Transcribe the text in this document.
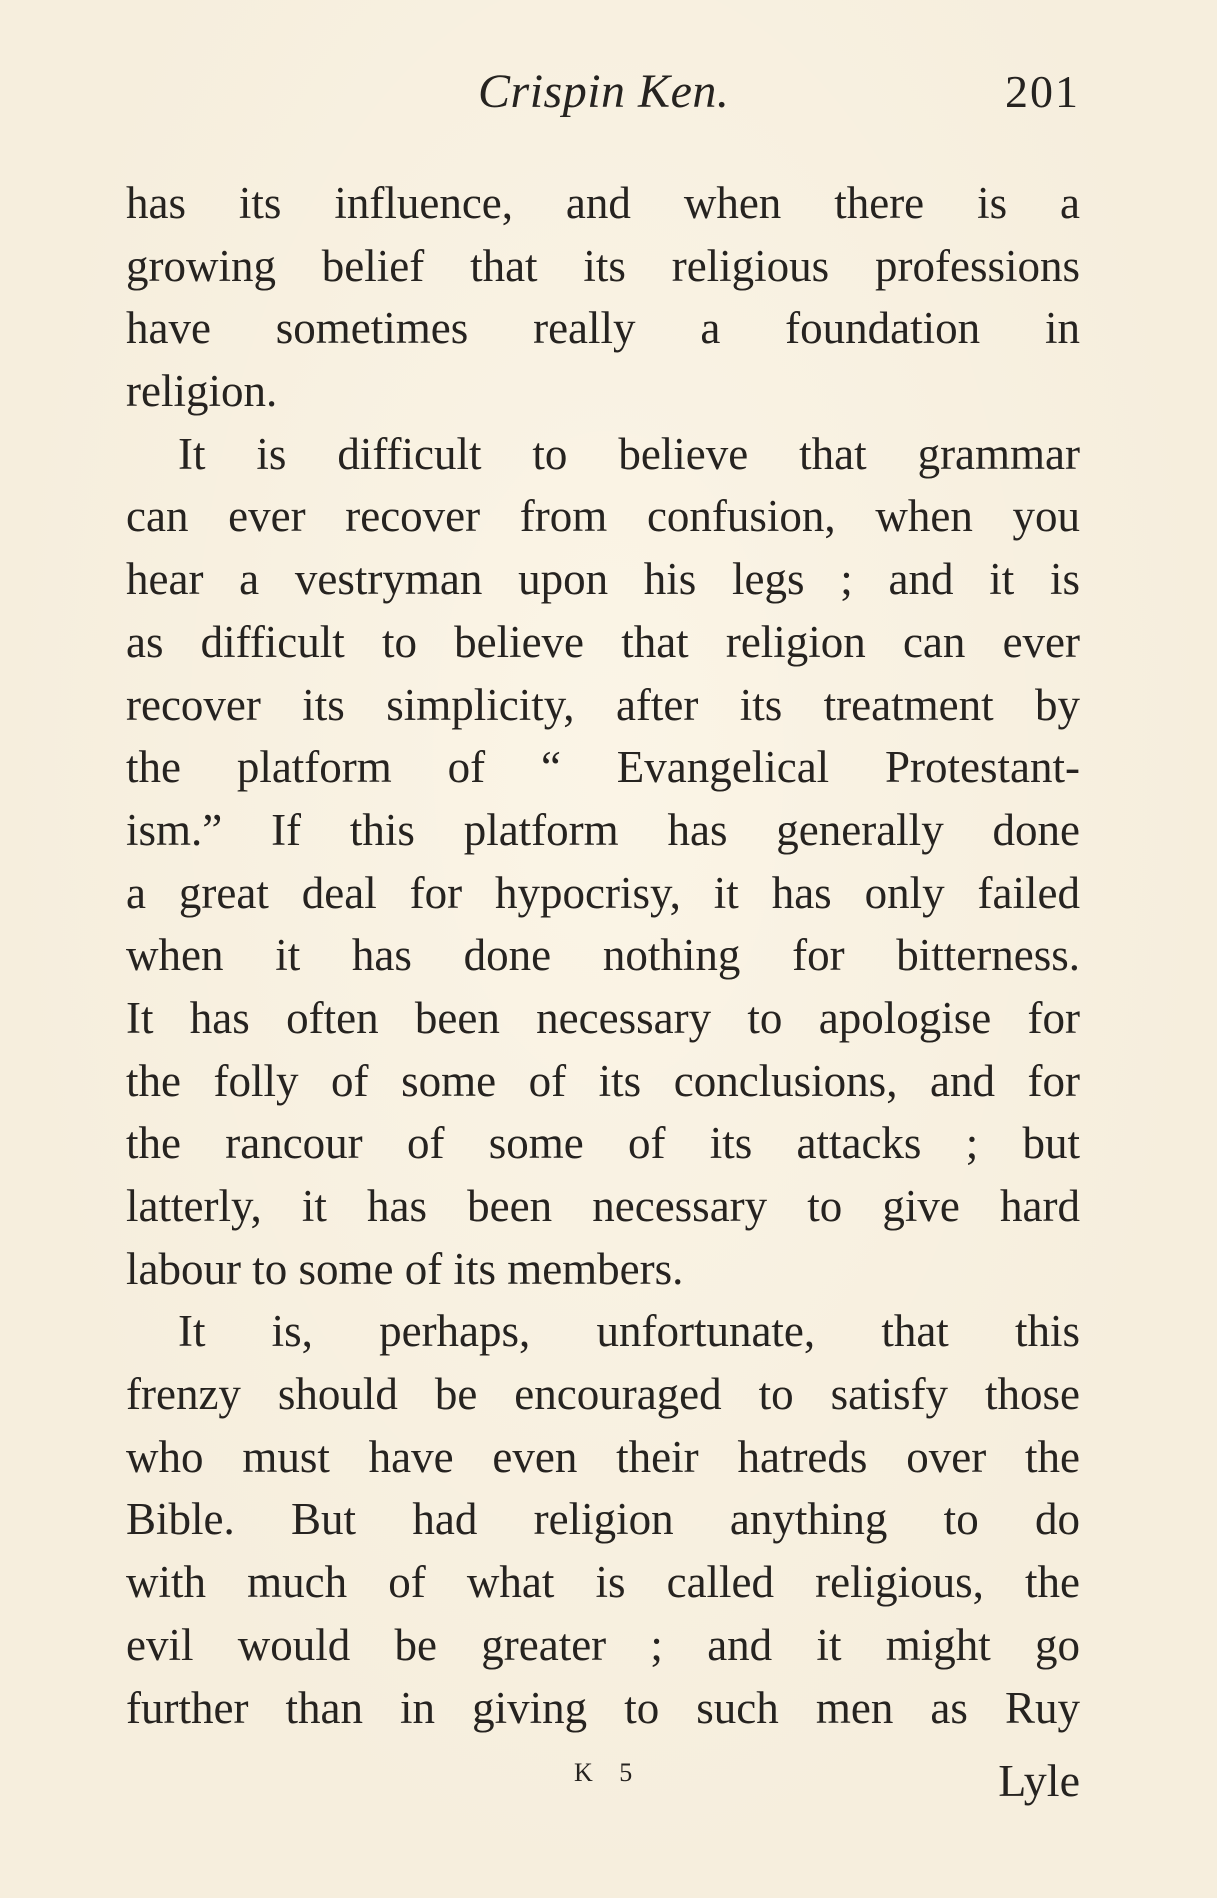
Crispin Ken.	201
has its influence, and when there is a
growing belief that its religious professions
have sometimes really a foundation in
religion.
It is difficult to believe that grammar
can ever recover from confusion, when you
hear a vestryman upon his legs ; and it is
as difficult to believe that religion can ever
recover its simplicity, after its treatment by
the platform of “ Evangelical Protestant-
ism.” If this platform has generally done
a great deal for hypocrisy, it has only failed
when it has done nothing for bitterness.
It has often been necessary to apologise for
the folly of some of its conclusions, and for
the rancour of some of its attacks ; but
latterly, it has been necessary to give hard
labour to some of its members.
It is, perhaps, unfortunate, that this
frenzy should be encouraged to satisfy those
who must have even their hatreds over the
Bible. But had religion anything to do
with much of what is called religious, the
evil would be greater ; and it might go
further than in giving to such men as Ruy
K 5	Lyle
